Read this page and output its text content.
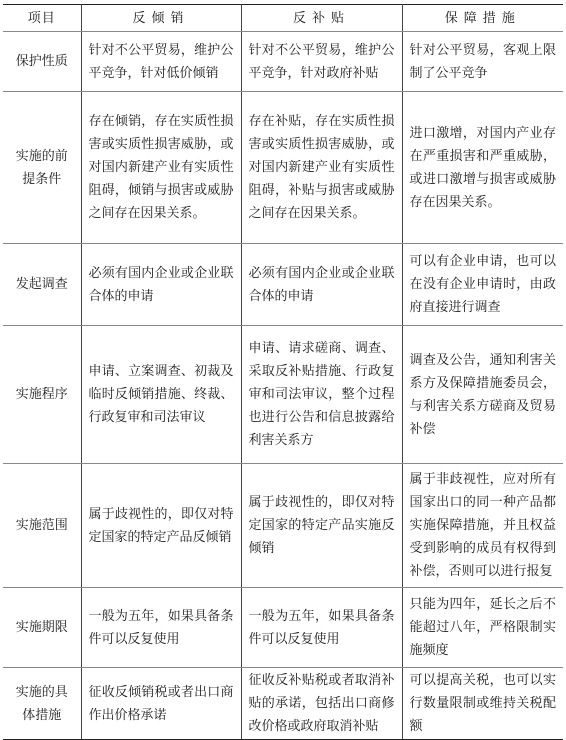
项目	反倾销	反补贴	保障措施
保护性质	针对不公平贸易，维护公平竞争，针对低价倾销	针对不公平贸易，维护公平竞争，针对政府补贴	针对公平贸易，客观上限制了公平竞争
实施的前提条件	存在倾销，存在实质性损害或实质性损害威胁，或对国内新建产业有实质性阻碍，倾销与损害或威胁之间存在因果关系。	存在补贴，存在实质性损害或实质性损害威胁，或对国内新建产业有实质性阻碍，补贴与损害或威胁之间存在因果关系。	进口激增，对国内产业存在严重损害和严重威胁，或进口激增与损害或威胁存在因果关系。
发起调查	必须有国内企业或企业联合体的申请	必须有国内企业或企业联合体的申请	可以有企业申请，也可以在没有企业申请时，由政府直接进行调查
实施程序	申请、立案调查、初裁及临时反倾销措施、终裁、行政复审和司法审议	申请、请求磋商、调查、采取反补贴措施、行政复审和司法审议，整个过程也进行公告和信息披露给利害关系方	调查及公告，通知利害关系方及保障措施委员会，与利害关系方磋商及贸易补偿
实施范围	属于歧视性的，即仅对特定国家的特定产品反倾销	属于歧视性的，即仅对特定国家的特定产品实施反倾销	属于非歧视性，应对所有国家出口的同一种产品都实施保障措施，并且权益受到影响的成员有权得到补偿，否则可以进行报复
实施期限	一般为五年，如果具备条件可以反复使用	一般为五年，如果具备条件可以反复使用	只能为四年，延长之后不能超过八年，严格限制实施频度
实施的具体措施	征收反倾销税或者出口商作出价格承诺	征收反补贴税或者取消补贴的承诺，包括出口商修改价格或政府取消补贴	可以提高关税，也可以实行数量限制或维持关税配额
